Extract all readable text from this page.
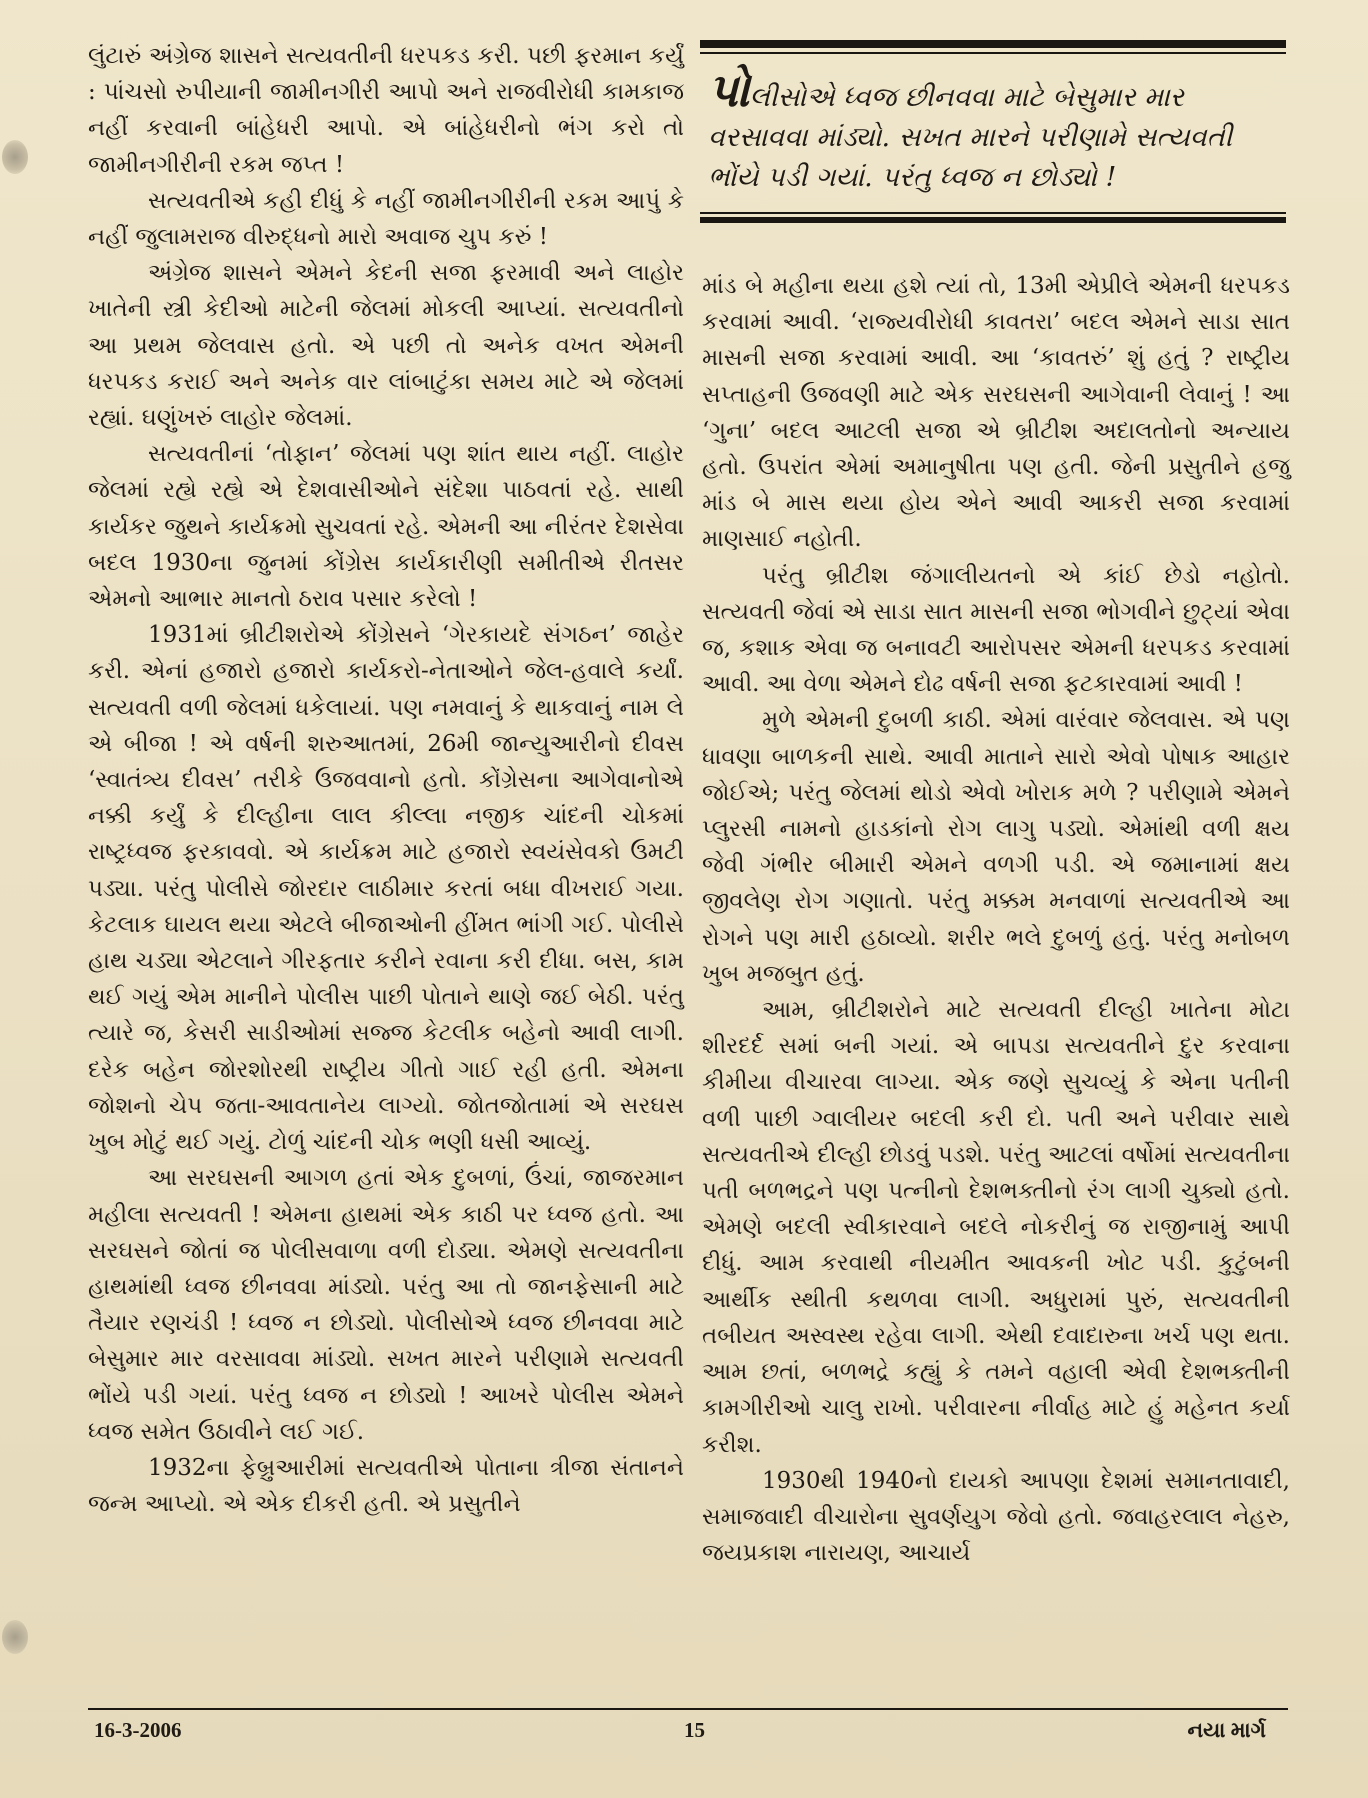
લુંટારું અંગ્રેજ શાસને સત્યવતીની ધરપકડ કરી. પછી ફરમાન કર્યું : પાંચસો રુપીયાની જામીનગીરી આપો અને રાજવીરોધી કામકાજ નહીં કરવાની બાંહેધરી આપો. એ બાંહેધરીનો ભંગ કરો તો જામીનગીરીની રકમ જપ્ત !

સત્યવતીએ કહી દીધું કે નહીં જામીનગીરીની રકમ આપું કે નહીં જુલામરાજ વીરુદ્ધનો મારો અવાજ ચુપ કરું !

અંગ્રેજ શાસને એમને કેદની સજા ફરમાવી અને લાહોર ખાતેની સ્ત્રી કેદીઓ માટેની જેલમાં મોકલી આપ્યાં. સત્યવતીનો આ પ્રથમ જેલવાસ હતો. એ પછી તો અનેક વખત એમની ધરપકડ કરાઈ અને અનેક વાર લાંબાટુંકા સમય માટે એ જેલમાં રહ્યાં. ઘણુંખરું લાહોર જેલમાં.

સત્યવતીનાં ‘તોફાન’ જેલમાં પણ શાંત થાય નહીં. લાહોર જેલમાં રહ્યે રહ્યે એ દેશવાસીઓને સંદેશા પાઠવતાં રહે. સાથી કાર્યકર જુથને કાર્યક્રમો સુચવતાં રહે. એમની આ નીરંતર દેશસેવા બદલ 1930ના જુનમાં કોંગ્રેસ કાર્યકારીણી સમીતીએ રીતસર એમનો આભાર માનતો ઠરાવ પસાર કરેલો !

1931માં બ્રીટીશરોએ કોંગ્રેસને ‘ગેરકાયદે સંગઠન’ જાહેર કરી. એનાં હજારો હજારો કાર્યકરો-નેતાઓને જેલ-હવાલે કર્યાં. સત્યવતી વળી જેલમાં ધકેલાયાં. પણ નમવાનું કે થાકવાનું નામ લે એ બીજા ! એ વર્ષની શરુઆતમાં, 26મી જાન્યુઆરીનો દીવસ ‘સ્વાતંત્ર્ય દીવસ’ તરીકે ઉજવવાનો હતો. કોંગ્રેસના આગેવાનોએ નક્કી કર્યું કે દીલ્હીના લાલ કીલ્લા નજીક ચાંદની ચોકમાં રાષ્ટ્રધ્વજ ફરકાવવો. એ કાર્યક્રમ માટે હજારો સ્વયંસેવકો ઉમટી પડ્યા. પરંતુ પોલીસે જોરદાર લાઠીમાર કરતાં બધા વીખરાઈ ગયા. કેટલાક ઘાયલ થયા એટલે બીજાઓની હીંમત ભાંગી ગઈ. પોલીસે હાથ ચડ્યા એટલાને ગીરફતાર કરીને રવાના કરી દીધા. બસ, કામ થઈ ગયું એમ માનીને પોલીસ પાછી પોતાને થાણે જઈ બેઠી. પરંતુ ત્યારે જ, કેસરી સાડીઓમાં સજ્જ કેટલીક બહેનો આવી લાગી. દરેક બહેન જોરશોરથી રાષ્ટ્રીય ગીતો ગાઈ રહી હતી. એમના જોશનો ચેપ જતા-આવતાનેય લાગ્યો. જોતજોતામાં એ સરઘસ ખુબ મોટું થઈ ગયું. ટોળું ચાંદની ચોક ભણી ધસી આવ્યું.

આ સરઘસની આગળ હતાં એક દુબળાં, ઉંચાં, જાજરમાન મહીલા સત્યવતી ! એમના હાથમાં એક કાઠી પર ધ્વજ હતો. આ સરઘસને જોતાં જ પોલીસવાળા વળી દોડ્યા. એમણે સત્યવતીના હાથમાંથી ધ્વજ છીનવવા માંડ્યો. પરંતુ આ તો જાનફેસાની માટે તૈયાર રણચંડી ! ધ્વજ ન છોડ્યો. પોલીસોએ ધ્વજ છીનવવા માટે બેસુમાર માર વરસાવવા માંડ્યો. સખત મારને પરીણામે સત્યવતી ભોંયે પડી ગયાં. પરંતુ ધ્વજ ન છોડ્યો ! આખરે પોલીસ એમને ધ્વજ સમેત ઉઠાવીને લઈ ગઈ.

1932ના ફેબ્રુઆરીમાં સત્યવતીએ પોતાના ત્રીજા સંતાનને જન્મ આપ્યો. એ એક દીકરી હતી. એ પ્રસુતીને

પોલીસોએ ધ્વજ છીનવવા માટે બેસુમાર માર વરસાવવા માંડ્યો. સખત મારને પરીણામે સત્યવતી ભોંયે પડી ગયાં. પરંતુ ધ્વજ ન છોડ્યો !

માંડ બે મહીના થયા હશે ત્યાં તો, 13મી એપ્રીલે એમની ધરપકડ કરવામાં આવી. ‘રાજ્યવીરોધી કાવતરા’ બદલ એમને સાડા સાત માસની સજા કરવામાં આવી. આ ‘કાવતરું’ શું હતું ? રાષ્ટ્રીય સપ્તાહની ઉજવણી માટે એક સરઘસની આગેવાની લેવાનું ! આ ‘ગુના’ બદલ આટલી સજા એ બ્રીટીશ અદાલતોનો અન્યાય હતો. ઉપરાંત એમાં અમાનુષીતા પણ હતી. જેની પ્રસુતીને હજુ માંડ બે માસ થયા હોય એને આવી આકરી સજા કરવામાં માણસાઈ નહોતી.

પરંતુ બ્રીટીશ જંગાલીયતનો એ કાંઈ છેડો નહોતો. સત્યવતી જેવાં એ સાડા સાત માસની સજા ભોગવીને છુટ્યાં એવા જ, કશાક એવા જ બનાવટી આરોપસર એમની ધરપકડ કરવામાં આવી. આ વેળા એમને દોઢ વર્ષની સજા ફટકારવામાં આવી !

મુળે એમની દુબળી કાઠી. એમાં વારંવાર જેલવાસ. એ પણ ધાવણા બાળકની સાથે. આવી માતાને સારો એવો પોષાક આહાર જોઈએ; પરંતુ જેલમાં થોડો એવો ખોરાક મળે ? પરીણામે એમને પ્લુરસી નામનો હાડકાંનો રોગ લાગુ પડ્યો. એમાંથી વળી ક્ષય જેવી ગંભીર બીમારી એમને વળગી પડી. એ જમાનામાં ક્ષય જીવલેણ રોગ ગણાતો. પરંતુ મક્કમ મનવાળાં સત્યવતીએ આ રોગને પણ મારી હઠાવ્યો. શરીર ભલે દુબળું હતું. પરંતુ મનોબળ ખુબ મજબુત હતું.

આમ, બ્રીટીશરોને માટે સત્યવતી દીલ્હી ખાતેના મોટા શીરદર્દ સમાં બની ગયાં. એ બાપડા સત્યવતીને દુર કરવાના કીમીયા વીચારવા લાગ્યા. એક જણે સુચવ્યું કે એના પતીની વળી પાછી ગ્વાલીયર બદલી કરી દો. પતી અને પરીવાર સાથે સત્યવતીએ દીલ્હી છોડવું પડશે. પરંતુ આટલાં વર્ષોમાં સત્યવતીના પતી બળભદ્રને પણ પત્નીનો દેશભક્તીનો રંગ લાગી ચુક્યો હતો. એમણે બદલી સ્વીકારવાને બદલે નોકરીનું જ રાજીનામું આપી દીધું. આમ કરવાથી નીયમીત આવકની ખોટ પડી. કુટુંબની આર્થીક સ્થીતી કથળવા લાગી. અધુરામાં પુરું, સત્યવતીની તબીયત અસ્વસ્થ રહેવા લાગી. એથી દવાદારુના ખર્ચ પણ થતા. આમ છતાં, બળભદ્રે કહ્યું કે તમને વહાલી એવી દેશભક્તીની કામગીરીઓ ચાલુ રાખો. પરીવારના નીર્વાહ માટે હું મહેનત કર્યા કરીશ.

1930થી 1940નો દાયકો આપણા દેશમાં સમાનતાવાદી, સમાજવાદી વીચારોના સુવર્ણયુગ જેવો હતો. જવાહરલાલ નેહરુ, જયપ્રકાશ નારાયણ, આચાર્ય

16-3-2006	15	નયા માર્ગ
